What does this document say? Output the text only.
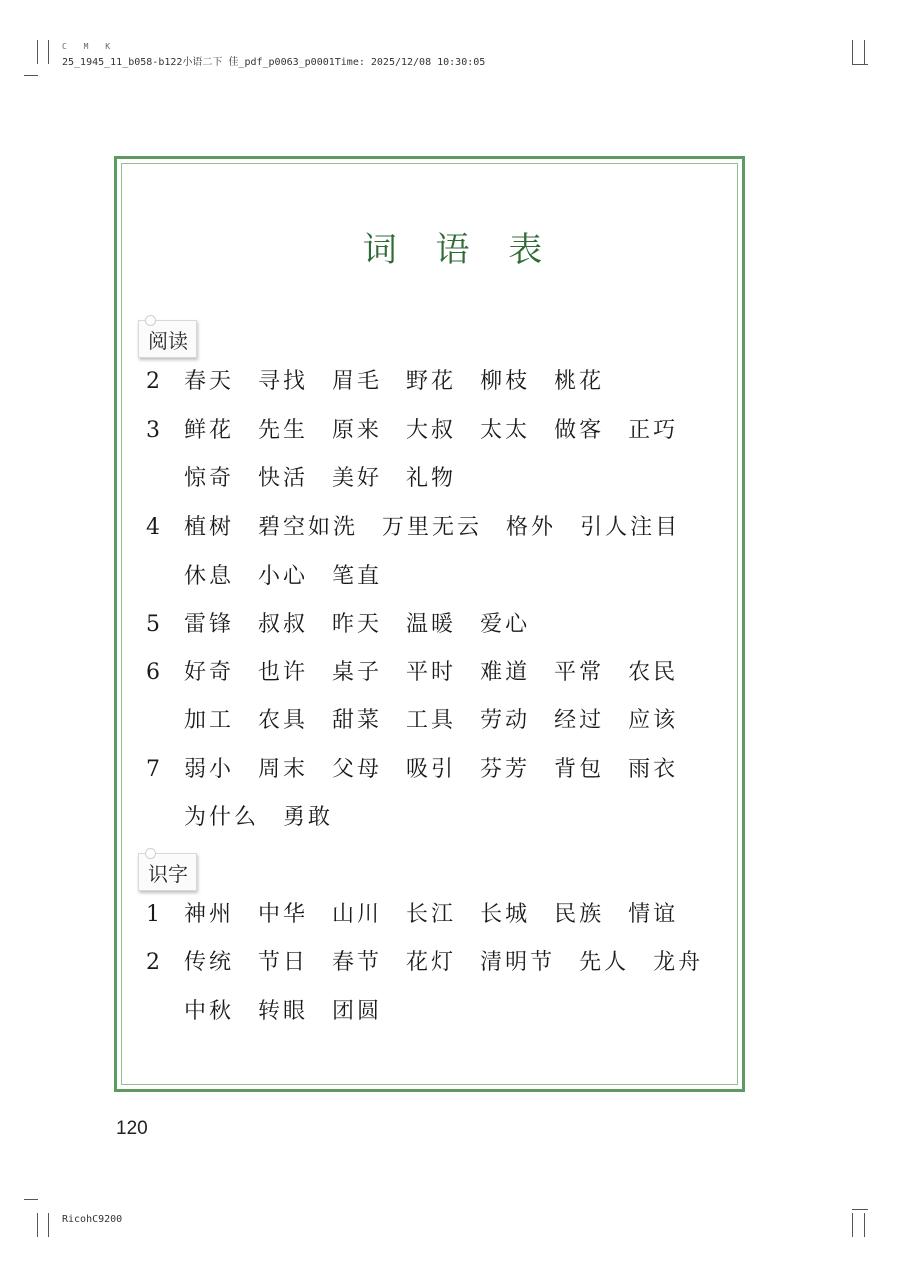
C M K
25_1945_11_b058-b122小语二下 佳_pdf_p0063_p0001Time: 2025/12/08 10:30:05
RicohC9200
词 语 表
阅读
2 春天 寻找 眉毛 野花 柳枝 桃花
3 鲜花 先生 原来 大叔 太太 做客 正巧
惊奇 快活 美好 礼物
4 植树 碧空如洗 万里无云 格外 引人注目
休息 小心 笔直
5 雷锋 叔叔 昨天 温暖 爱心
6 好奇 也许 桌子 平时 难道 平常 农民
加工 农具 甜菜 工具 劳动 经过 应该
7 弱小 周末 父母 吸引 芬芳 背包 雨衣
为什么 勇敢
识字
1 神州 中华 山川 长江 长城 民族 情谊
2 传统 节日 春节 花灯 清明节 先人 龙舟
中秋 转眼 团圆
120
